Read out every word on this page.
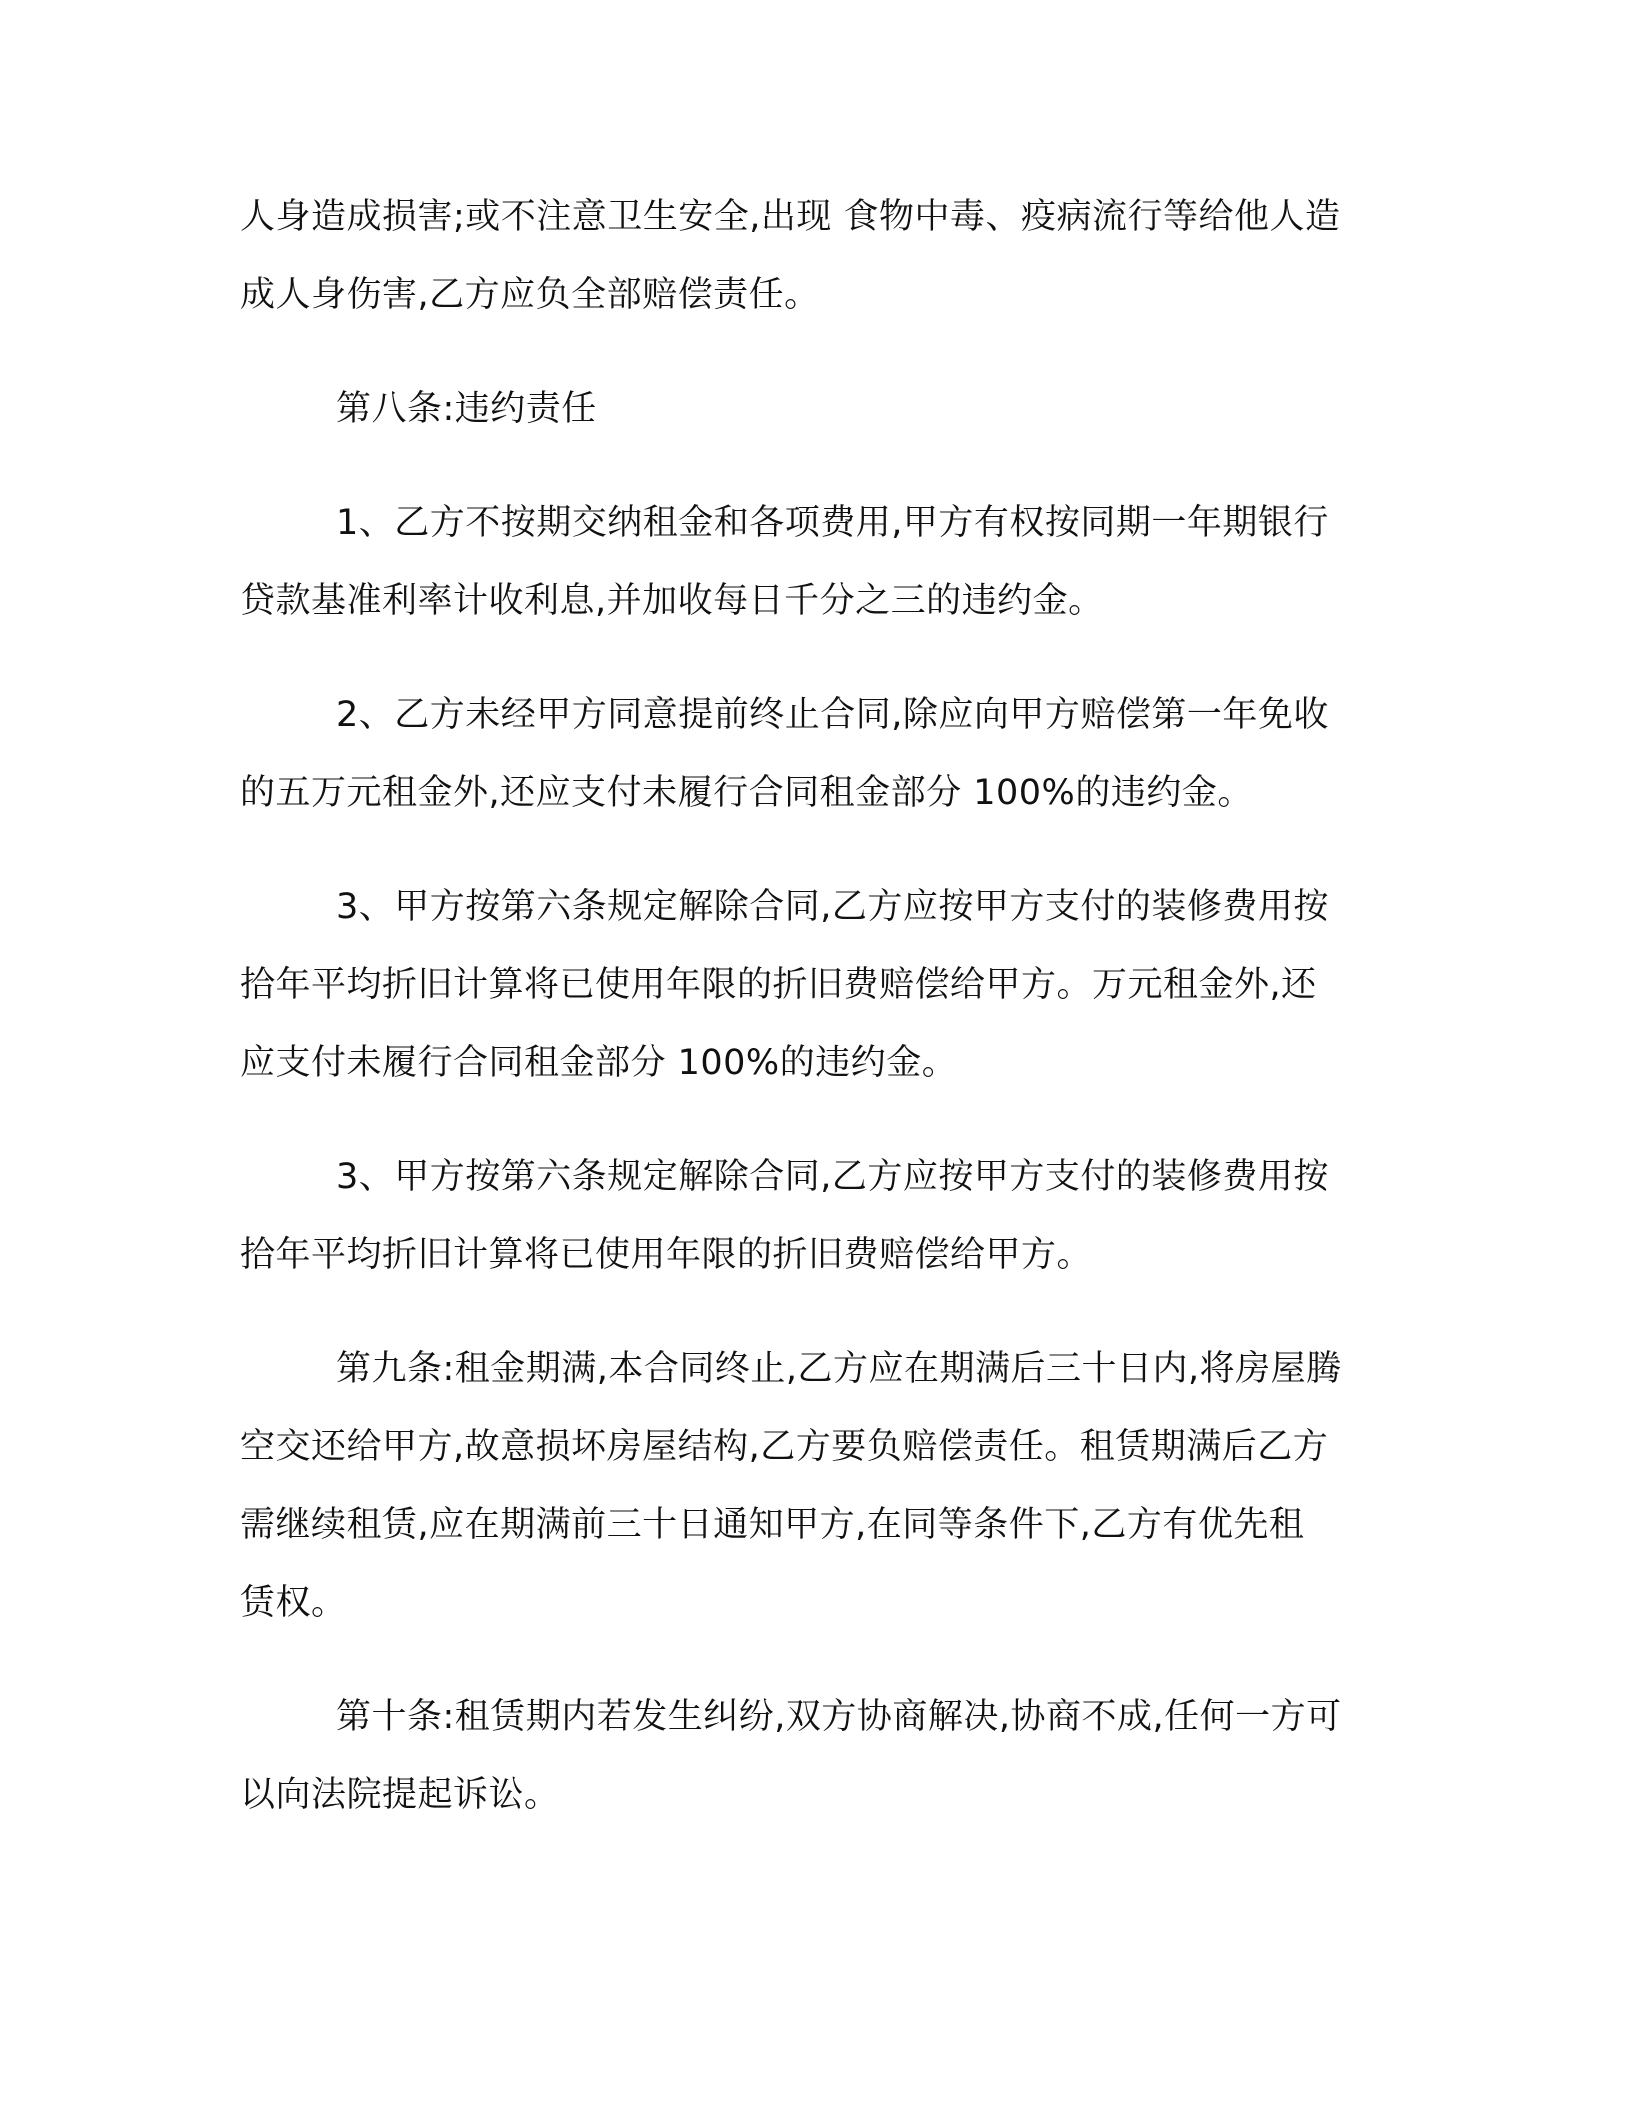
人身造成损害;或不注意卫生安全,出现 食物中毒、疫病流行等给他人造
成人身伤害,乙方应负全部赔偿责任。

第八条:违约责任

1、乙方不按期交纳租金和各项费用,甲方有权按同期一年期银行
贷款基准利率计收利息,并加收每日千分之三的违约金。

2、乙方未经甲方同意提前终止合同,除应向甲方赔偿第一年免收
的五万元租金外,还应支付未履行合同租金部分 100%的违约金。

3、甲方按第六条规定解除合同,乙方应按甲方支付的装修费用按
拾年平均折旧计算将已使用年限的折旧费赔偿给甲方。万元租金外,还
应支付未履行合同租金部分 100%的违约金。

3、甲方按第六条规定解除合同,乙方应按甲方支付的装修费用按
拾年平均折旧计算将已使用年限的折旧费赔偿给甲方。

第九条:租金期满,本合同终止,乙方应在期满后三十日内,将房屋腾
空交还给甲方,故意损坏房屋结构,乙方要负赔偿责任。租赁期满后乙方
需继续租赁,应在期满前三十日通知甲方,在同等条件下,乙方有优先租
赁权。

第十条:租赁期内若发生纠纷,双方协商解决,协商不成,任何一方可
以向法院提起诉讼。
